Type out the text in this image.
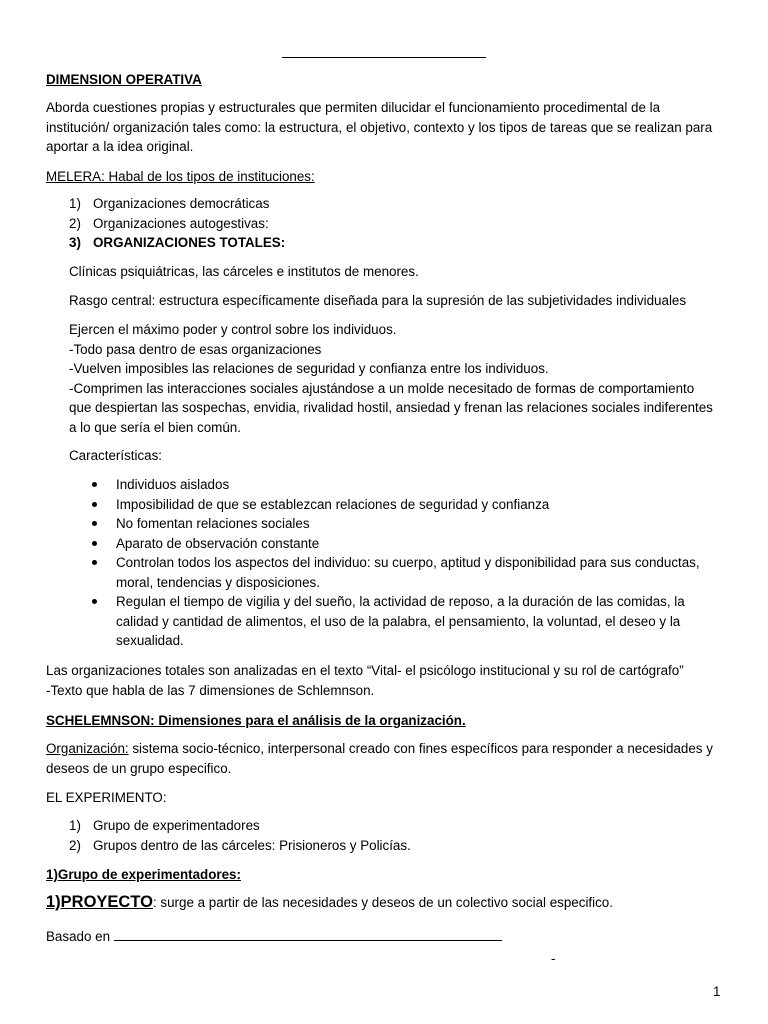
DIMENSION OPERATIVA
Aborda cuestiones propias y estructurales que permiten dilucidar el funcionamiento procedimental de la institución/ organización tales como: la estructura, el objetivo, contexto y los tipos de tareas que se realizan para aportar a la idea original.
MELERA: Habal de los tipos de instituciones:
1) Organizaciones democráticas
2) Organizaciones autogestivas:
3) ORGANIZACIONES TOTALES:
Clínicas psiquiátricas, las cárceles e institutos de menores.
Rasgo central: estructura específicamente diseñada para la supresión de las subjetividades individuales
Ejercen el máximo poder y control sobre los individuos.
-Todo pasa dentro de esas organizaciones
-Vuelven imposibles las relaciones de seguridad y confianza entre los individuos.
-Comprimen las interacciones sociales ajustándose a un molde necesitado de formas de comportamiento que despiertan las sospechas, envidia, rivalidad hostil, ansiedad y frenan las relaciones sociales indiferentes a lo que sería el bien común.
Características:
Individuos aislados
Imposibilidad de que se establezcan relaciones de seguridad y confianza
No fomentan relaciones sociales
Aparato de observación constante
Controlan todos los aspectos del individuo: su cuerpo, aptitud y disponibilidad para sus conductas, moral, tendencias y disposiciones.
Regulan el tiempo de vigilia y del sueño, la actividad de reposo, a la duración de las comidas, la calidad y cantidad de alimentos, el uso de la palabra, el pensamiento, la voluntad, el deseo y la sexualidad.
Las organizaciones totales son analizadas en el texto “Vital- el psicólogo institucional y su rol de cartógrafo”
-Texto que habla de las 7 dimensiones de Schlemnson.
SCHELEMNSON: Dimensiones para el análisis de la organización.
Organización: sistema socio-técnico, interpersonal creado con fines específicos para responder a necesidades y deseos de un grupo especifico.
EL EXPERIMENTO:
1) Grupo de experimentadores
2) Grupos dentro de las cárceles: Prisioneros y Policías.
1)Grupo de experimentadores:
1)PROYECTO: surge a partir de las necesidades y deseos de un colectivo social especifico.
Basado en
-
1
